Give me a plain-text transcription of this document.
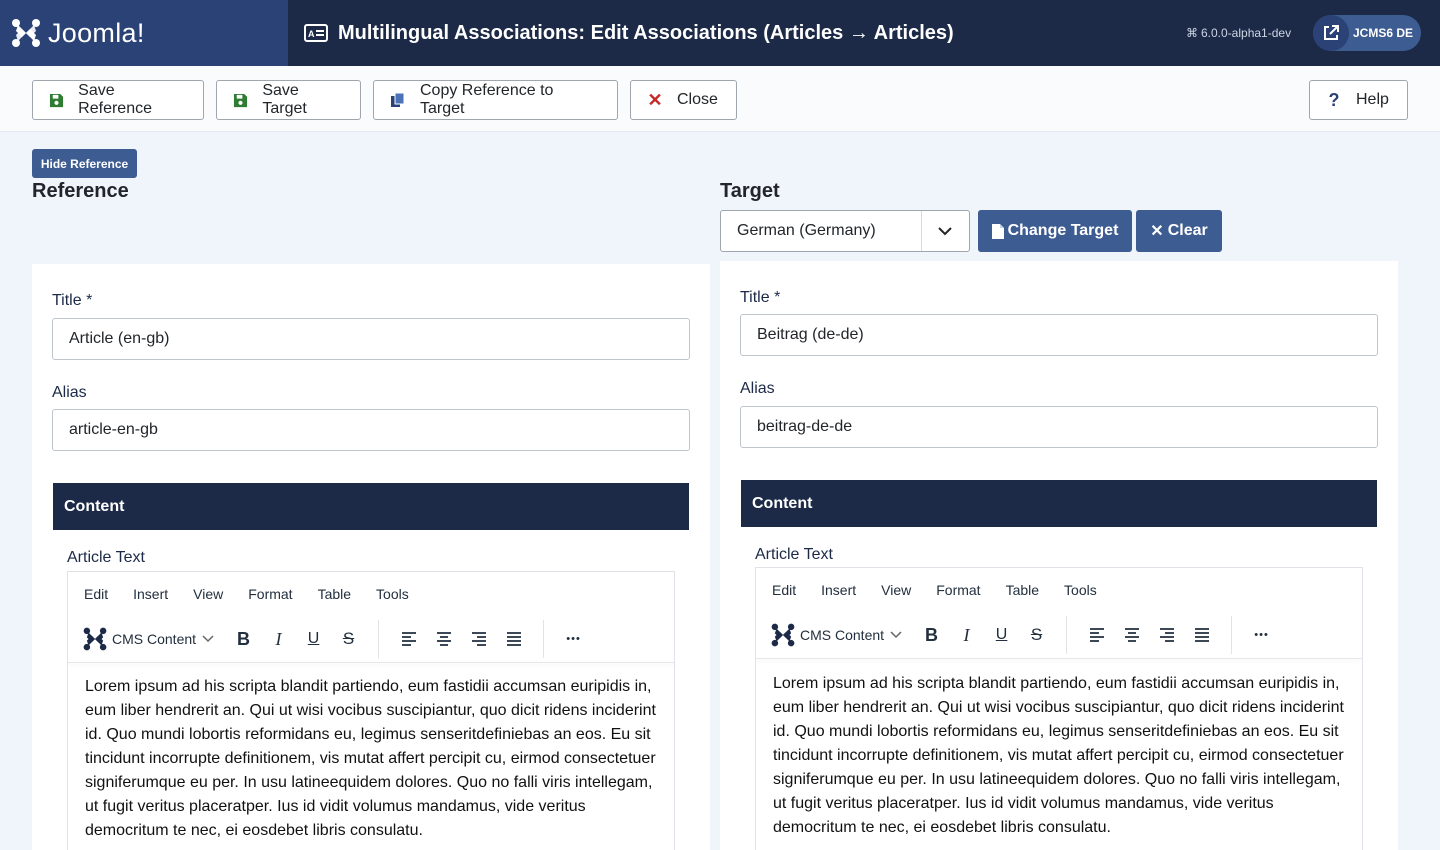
Joomla!	A Multilingual Associations: Edit Associations (Articles → Articles)	⌘ 6.0.0-alpha1-dev	JCMS6 DE
Save Reference
Save Target
Copy Reference to Target	✕ Close	? Help
Hide Reference
Reference	Target
German (Germany)	Change Target ✕ Clear
Title *
Article (en-gb)
Alias
article-en-gb
Content
Article Text
Edit Insert View Format Table Tools
CMS Content	B	I	U	S	•••
Lorem ipsum ad his scripta blandit partiendo, eum fastidii accumsan euripidis in,
eum liber hendrerit an. Qui ut wisi vocibus suscipiantur, quo dicit ridens inciderint
id. Quo mundi lobortis reformidans eu, legimus senseritdefiniebas an eos. Eu sit
tincidunt incorrupte definitionem, vis mutat affert percipit cu, eirmod consectetuer
signiferumque eu per. In usu latineequidem dolores. Quo no falli viris intellegam,
ut fugit veritus placeratper. Ius id vidit volumus mandamus, vide veritus
democritum te nec, ei eosdebet libris consulatu.
Title *
Beitrag (de-de)
Alias
beitrag-de-de
Content
Article Text
Edit Insert View Format Table Tools
CMS Content	B	I	U	S	•••
Lorem ipsum ad his scripta blandit partiendo, eum fastidii accumsan euripidis in,
eum liber hendrerit an. Qui ut wisi vocibus suscipiantur, quo dicit ridens inciderint
id. Quo mundi lobortis reformidans eu, legimus senseritdefiniebas an eos. Eu sit
tincidunt incorrupte definitionem, vis mutat affert percipit cu, eirmod consectetuer
signiferumque eu per. In usu latineequidem dolores. Quo no falli viris intellegam,
ut fugit veritus placeratper. Ius id vidit volumus mandamus, vide veritus
democritum te nec, ei eosdebet libris consulatu.
